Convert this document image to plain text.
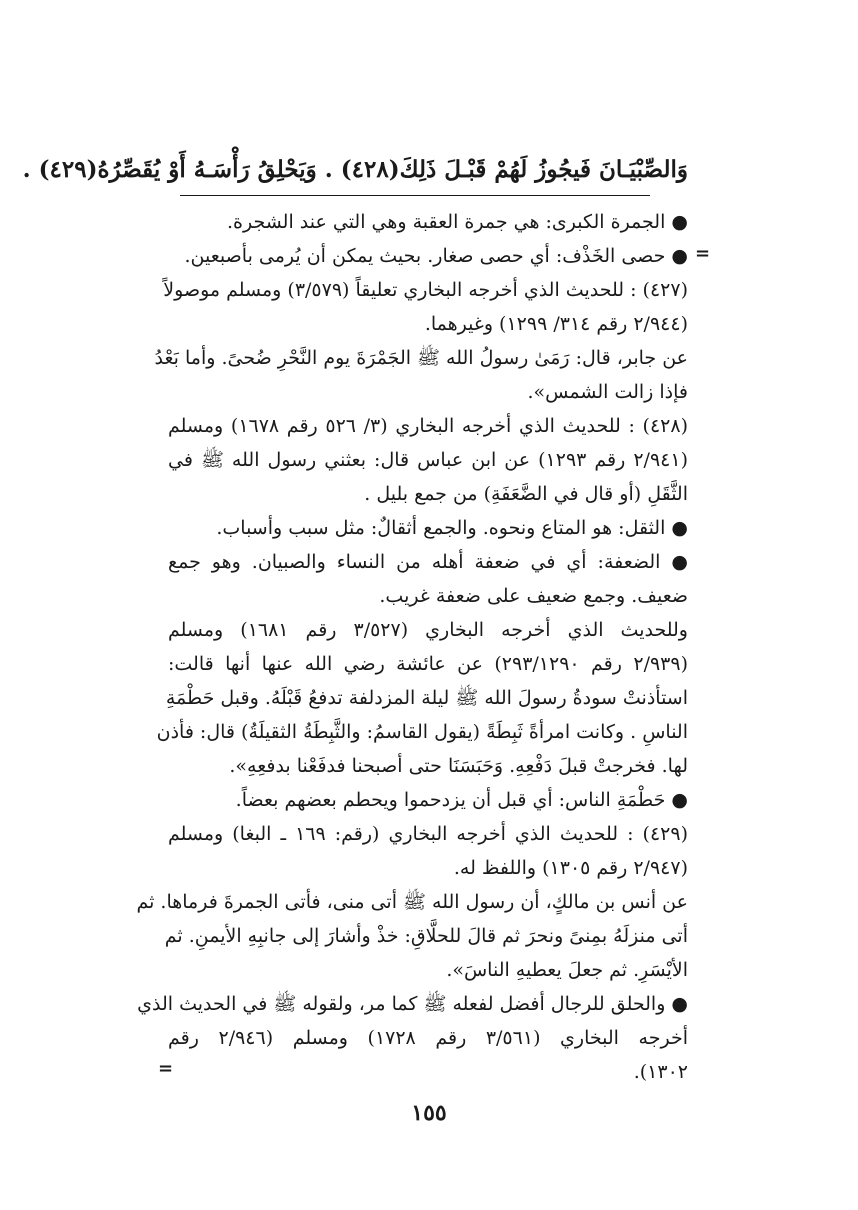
وَالصِّبْيَـانَ فَيجُوزُ لَهُمْ قَبْـلَ ذَلِكَ(٤٢٨) . وَيَحْلِقُ رَأْسَـهُ أَوْ يُقَصِّرُهُ(٤٢٩) .
● الجمرة الكبرى: هي جمرة العقبة وهي التي عند الشجرة.
● حصى الخَذْف: أي حصى صغار. بحيث يمكن أن يُرمى بأصبعين.
(٤٢٧) : للحديث الذي أخرجه البخاري تعليقاً (٣/٥٧٩) ومسلم موصولاً
(٢/٩٤٤ رقم ٣١٤/ ١٢٩٩) وغيرهما.
عن جابر، قال: رَمَىٰ رسولُ الله ﷺ الجَمْرَةَ يوم النَّحْرِ ضُحىً. وأما بَعْدُ
فإذا زالت الشمس».
(٤٢٨) : للحديث الذي أخرجه البخاري (٣/ ٥٢٦ رقم ١٦٧٨) ومسلم
(٢/٩٤١ رقم ١٢٩٣) عن ابن عباس قال: بعثني رسول الله ﷺ في
الثَّقَلِ (أو قال في الضَّعَفَةِ) من جمع بليل .
● الثقل: هو المتاع ونحوه. والجمع أثقالٌ: مثل سبب وأسباب.
● الضعفة: أي في ضعفة أهله من النساء والصبيان. وهو جمع
ضعيف. وجمع ضعيف على ضعفة غريب.
وللحديث الذي أخرجه البخاري (٣/٥٢٧ رقم ١٦٨١) ومسلم
(٢/٩٣٩ رقم ٢٩٣/١٢٩٠) عن عائشة رضي الله عنها أنها قالت:
استأذنتْ سودةُ رسولَ الله ﷺ ليلة المزدلفة تدفعُ قَبْلَهُ. وقبل حَطْمَةِ
الناسِ . وكانت امرأةً ثَبِطَةً (يقول القاسمُ: والثَّبِطَةُ الثقيلَةُ) قال: فأذن
لها. فخرجتْ قبلَ دَفْعِهِ. وَحَبَسَنَا حتى أصبحنا فدفَعْنا بدفعِهِ».
● حَطْمَةِ الناس: أي قبل أن يزدحموا ويحطم بعضهم بعضاً.
(٤٢٩) : للحديث الذي أخرجه البخاري (رقم: ١٦٩ ـ البغا) ومسلم
(٢/٩٤٧ رقم ١٣٠٥) واللفظ له.
عن أنس بن مالكٍ، أن رسول الله ﷺ أتى منى، فأتى الجمرةَ فرماها. ثم
أتى منزلَهُ بمِنىً ونحرَ ثم قالَ للحلَّاقِ: خذْ وأشارَ إلى جانبِهِ الأيمنِ. ثم
الأيْسَرِ. ثم جعلَ يعطيهِ الناسَ».
● والحلق للرجال أفضل لفعله ﷺ كما مر، ولقوله ﷺ في الحديث الذي
أخرجه البخاري (٣/٥٦١ رقم ١٧٢٨) ومسلم (٢/٩٤٦ رقم
١٣٠٢).
=
=
١٥٥
